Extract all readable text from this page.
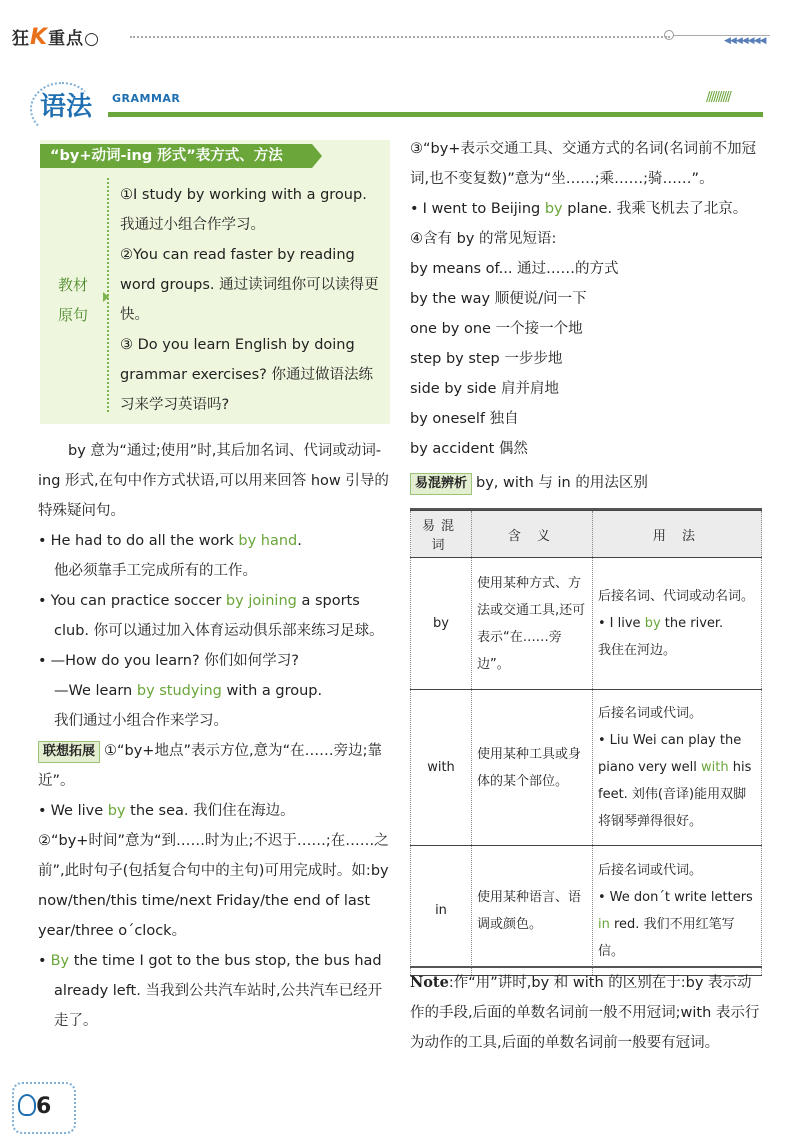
狂K重点○	◀◀◀◀◀◀◀
语法 GRAMMAR	//////////
“by+动词-ing 形式”表方式、方法
教材
原句
①I study by working with a group. 我通过小组合作学习。
②You can read faster by reading word groups. 通过读词组你可以读得更快。
③ Do you learn English by doing grammar exercises? 你通过做语法练习来学习英语吗?
by 意为“通过;使用”时,其后加名词、代词或动词-ing 形式,在句中作方式状语,可以用来回答 how 引导的特殊疑问句。
• He had to do all the work by hand.
他必须靠手工完成所有的工作。
• You can practice soccer by joining a sports club. 你可以通过加入体育运动俱乐部来练习足球。
• —How do you learn? 你们如何学习?
—We learn by studying with a group.
我们通过小组合作来学习。
联想拓展 ①“by+地点”表示方位,意为“在……旁边;靠近”。
• We live by the sea. 我们住在海边。
②“by+时间”意为“到……时为止;不迟于……;在……之前”,此时句子(包括复合句中的主句)可用完成时。如:by now/then/this time/next Friday/the end of last year/three o´clock。
• By the time I got to the bus stop, the bus had already left. 当我到公共汽车站时,公共汽车已经开走了。
③“by+表示交通工具、交通方式的名词(名词前不加冠词,也不变复数)”意为“坐……;乘……;骑……”。
• I went to Beijing by plane. 我乘飞机去了北京。
④含有 by 的常见短语:
by means of... 通过……的方式
by the way 顺便说/问一下
one by one 一个接一个地
step by step 一步步地
side by side 肩并肩地
by oneself 独自
by accident 偶然
易混辨析 by, with 与 in 的用法区别
易混词	含 义	用 法
by	使用某种方式、方法或交通工具,还可表示“在……旁边”。	后接名词、代词或动名词。
• I live by the river.
我住在河边。

with	使用某种工具或身体的某个部位。	后接名词或代词。
• Liu Wei can play the piano very well with his feet. 刘伟(音译)能用双脚将钢琴弹得很好。

in	使用某种语言、语调或颜色。	后接名词或代词。
• We don´t write letters in red. 我们不用红笔写信。
Note:作“用”讲时,by 和 with 的区别在于:by 表示动作的手段,后面的单数名词前一般不用冠词;with 表示行为动作的工具,后面的单数名词前一般要有冠词。
6
